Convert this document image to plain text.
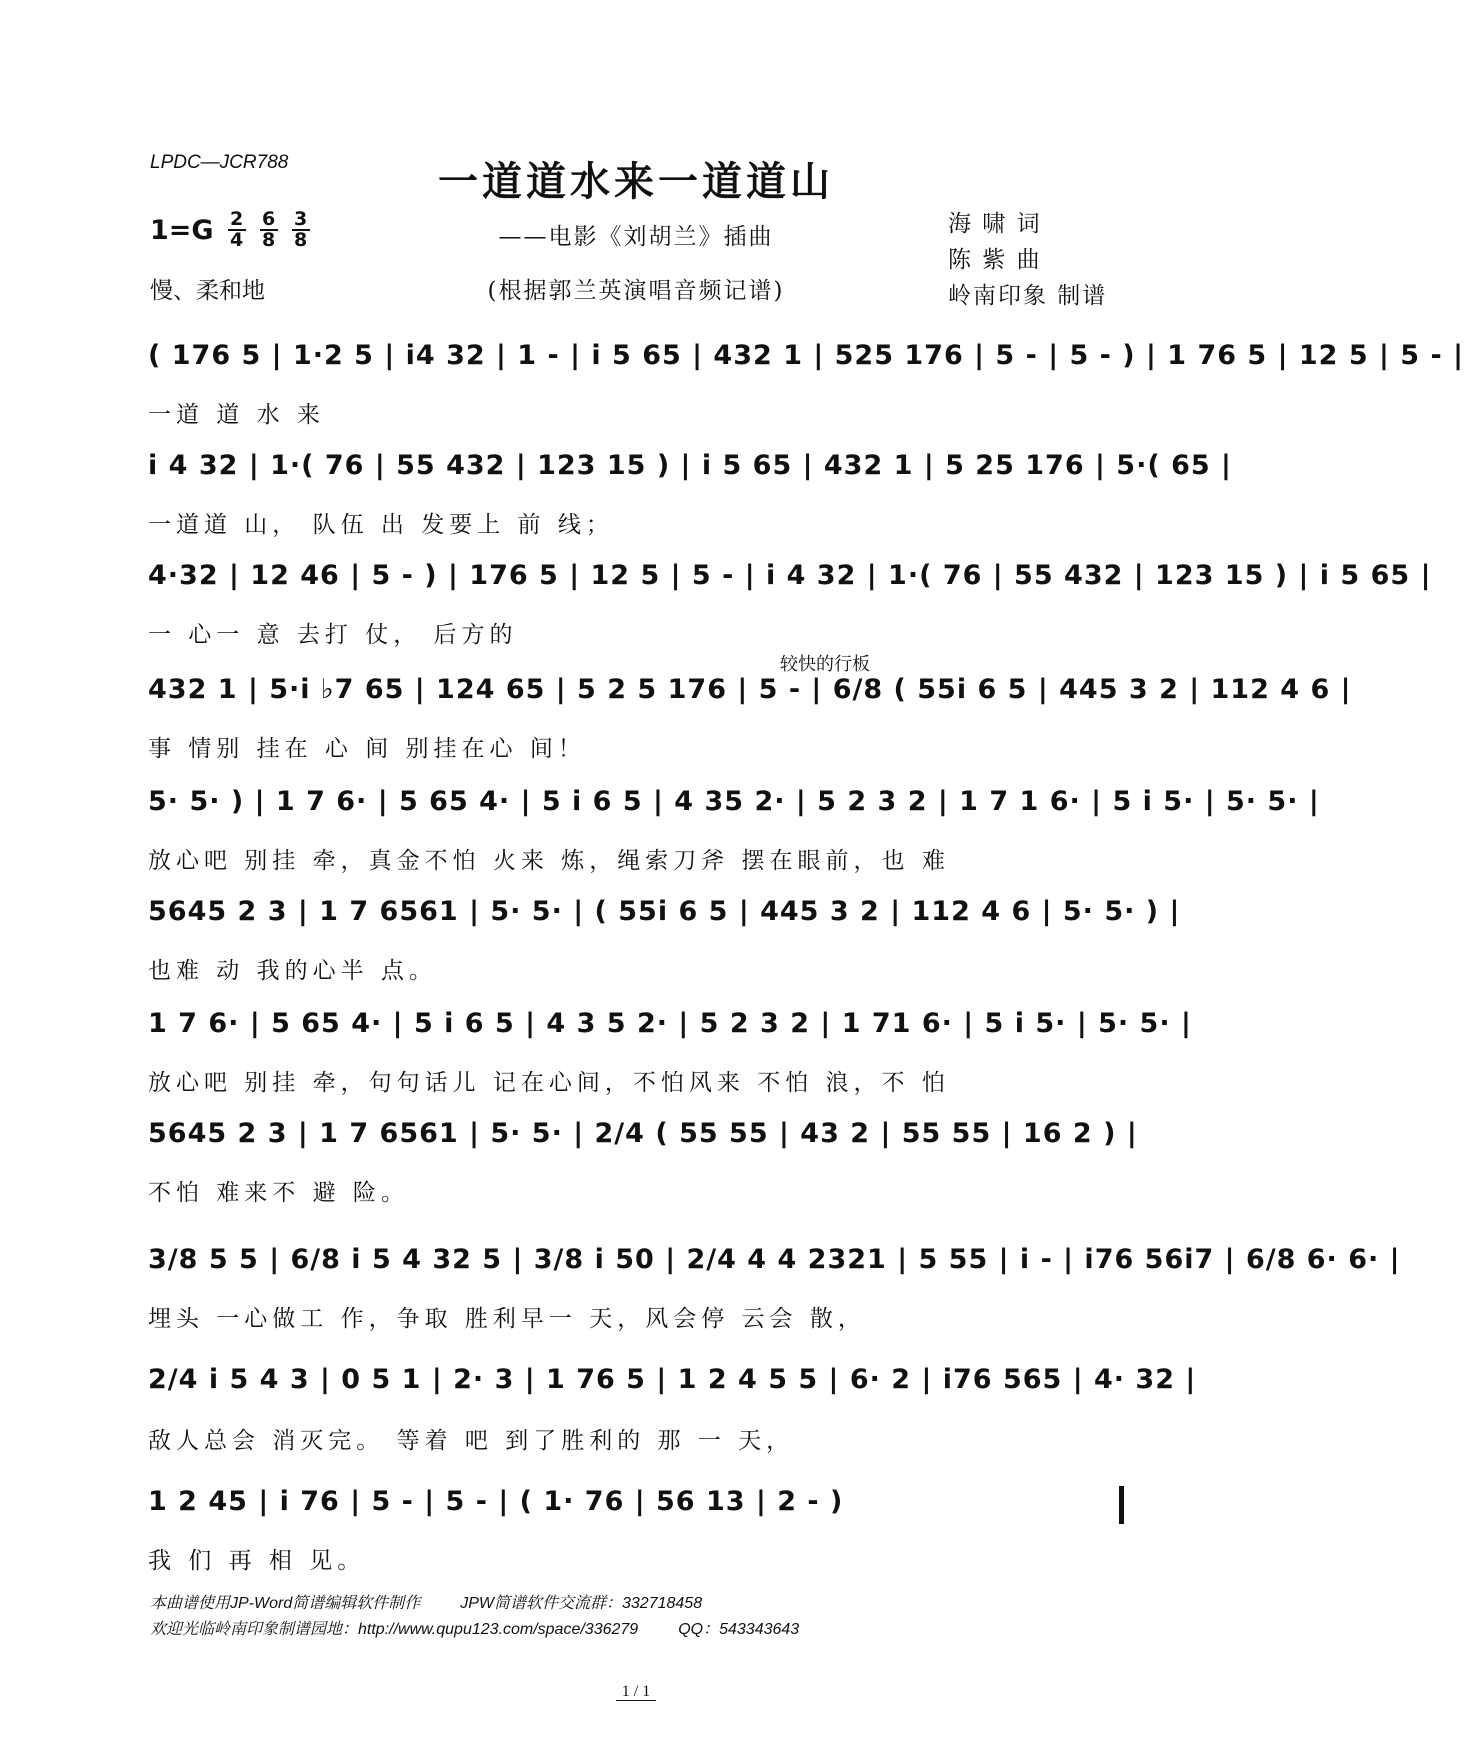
LPDC—JCR788	一道道水来一道道山
——电影《刘胡兰》插曲
(根据郭兰英演唱音频记谱)
$1=G \frac{2}{4} \frac{6}{8} \frac{3}{8}$
慢、柔和地
海 啸 词
陈 紫 曲
岭南印象 制谱
较快的行板
( 176 5 | 1·2 5 | i4 32 | 1 - | i 5 65 | 432 1 | 525 176 | 5 - | 5 - ) | 1 76 5 | 12 5 | 5 - |
一道 道 水 来
i 4 32 | 1·( 76 | 55 432 | 123 15 ) | i 5 65 | 432 1 | 5 25 176 | 5·( 65 |
一道道 山， 队伍 出 发要上 前 线；
4·32 | 12 46 | 5 - ) | 176 5 | 12 5 | 5 - | i 4 32 | 1·( 76 | 55 432 | 123 15 ) | i 5 65 |
一 心一 意 去打 仗， 后方的
432 1 | 5·i ♭7 65 | 124 65 | 5 2 5 176 | 5 - | 6/8 ( 55i 6 5 | 445 3 2 | 112 4 6 |
事 情别 挂在 心 间 别挂在心 间！
5· 5· ) | 1 7 6· | 5 65 4· | 5 i 6 5 | 4 35 2· | 5 2 3 2 | 1 7 1 6· | 5 i 5· | 5· 5· |
放心吧 别挂 牵，真金不怕 火来 炼，绳索刀斧 摆在眼前，也 难
5645 2 3 | 1 7 6561 | 5· 5· | ( 55i 6 5 | 445 3 2 | 112 4 6 | 5· 5· ) |
也难 动 我的心半 点。
1 7 6· | 5 65 4· | 5 i 6 5 | 4 3 5 2· | 5 2 3 2 | 1 71 6· | 5 i 5· | 5· 5· |
放心吧 别挂 牵，句句话儿 记在心间，不怕风来 不怕 浪，不 怕
5645 2 3 | 1 7 6561 | 5· 5· | 2/4 ( 55 55 | 43 2 | 55 55 | 16 2 ) |
不怕 难来不 避 险。
3/8 5 5 | 6/8 i 5 4 32 5 | 3/8 i 50 | 2/4 4 4 2321 | 5 55 | i - | i76 56i7 | 6/8 6· 6· |
埋头 一心做工 作，争取 胜利早一 天，风会停 云会 散，
2/4 i 5 4 3 | 0 5 1 | 2· 3 | 1 76 5 | 1 2 4 5 5 | 6· 2 | i76 565 | 4· 32 |
敌人总会 消灭完。 等着 吧 到了胜利的 那 一 天，
1 2 45 | i 76 | 5 - | 5 - | ( 1· 76 | 56 13 | 2 - )
我 们 再 相 见。
本曲谱使用JP-Word简谱编辑软件制作	JPW简谱软件交流群：332718458
欢迎光临岭南印象制谱园地：http://www.qupu123.com/space/336279	QQ：543343643
1 / 1
